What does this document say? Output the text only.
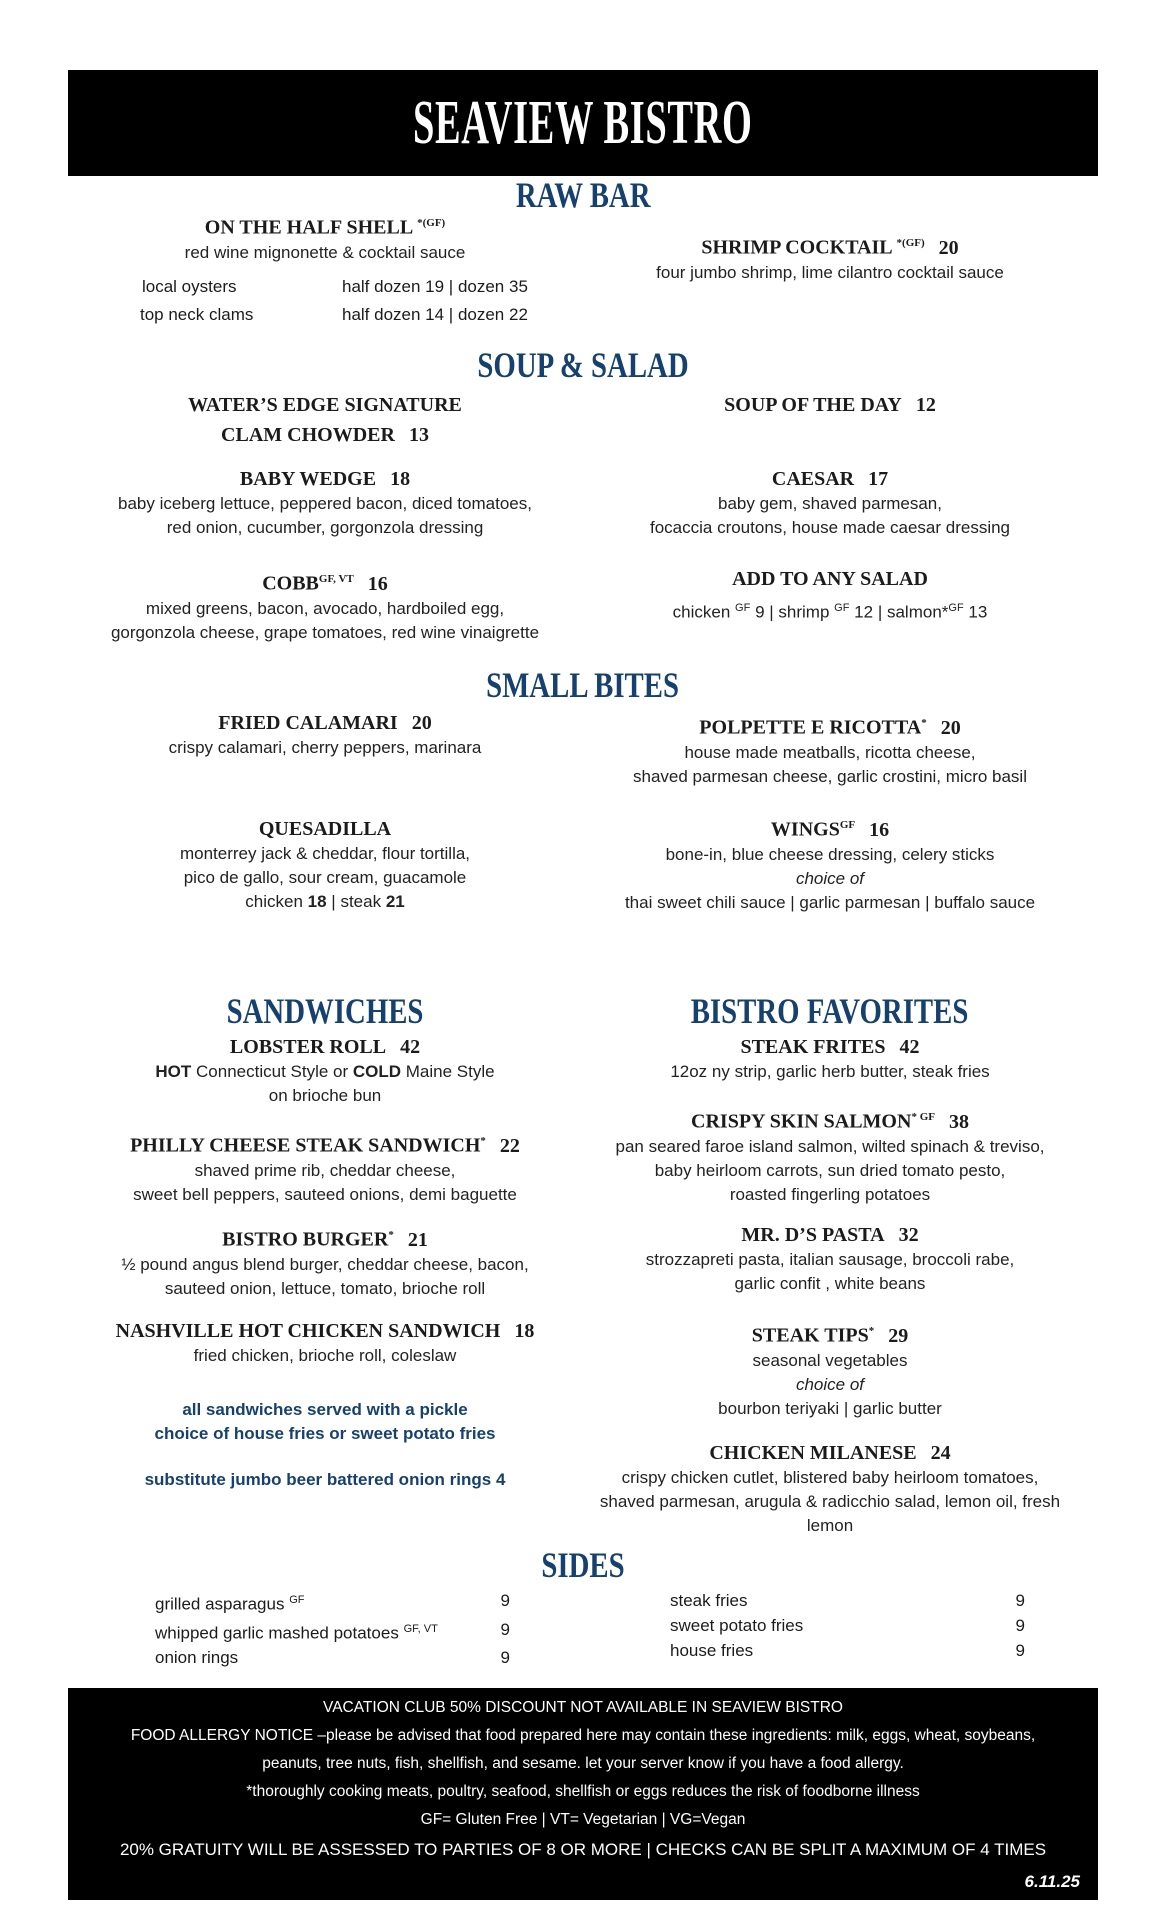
SEAVIEW BISTRO
RAW BAR
ON THE HALF SHELL $^{*(GF)}$
red wine mignonette & cocktail sauce
local oysters	half dozen 19 | dozen 35
top neck clams	half dozen 14 | dozen 22
SHRIMP COCKTAIL $^{*(GF)}$ 20
four jumbo shrimp, lime cilantro cocktail sauce
SOUP & SALAD
WATER’S EDGE SIGNATURE
CLAM CHOWDER 13
SOUP OF THE DAY 12
BABY WEDGE 18
baby iceberg lettuce, peppered bacon, diced tomatoes,
red onion, cucumber, gorgonzola dressing
CAESAR 17
baby gem, shaved parmesan,
focaccia croutons, house made caesar dressing
$COBB^{GF, VT}$ 16
mixed greens, bacon, avocado, hardboiled egg,
gorgonzola cheese, grape tomatoes, red wine vinaigrette
ADD TO ANY SALAD
chicken $^{GF}$ 9 | shrimp $^{GF}$ 12 | salmon*$^{GF}$ 13
SMALL BITES
FRIED CALAMARI 20
crispy calamari, cherry peppers, marinara
POLPETTE E RICOTTA* 20
house made meatballs, ricotta cheese,
shaved parmesan cheese, garlic crostini, micro basil
QUESADILLA
monterrey jack & cheddar, flour tortilla,
pico de gallo, sour cream, guacamole
chicken 18 | steak 21
$WINGS^{GF}$ 16
bone-in, blue cheese dressing, celery sticks
choice of
thai sweet chili sauce | garlic parmesan | buffalo sauce
SANDWICHES
LOBSTER ROLL 42
HOT Connecticut Style or COLD Maine Style
on brioche bun
PHILLY CHEESE STEAK SANDWICH* 22
shaved prime rib, cheddar cheese,
sweet bell peppers, sauteed onions, demi baguette
BISTRO BURGER* 21
½ pound angus blend burger, cheddar cheese, bacon,
sauteed onion, lettuce, tomato, brioche roll
NASHVILLE HOT CHICKEN SANDWICH 18
fried chicken, brioche roll, coleslaw
all sandwiches served with a pickle
choice of house fries or sweet potato fries
substitute jumbo beer battered onion rings 4
BISTRO FAVORITES
STEAK FRITES 42
12oz ny strip, garlic herb butter, steak fries
CRISPY SKIN $SALMON^{* GF}$ 38
pan seared faroe island salmon, wilted spinach & treviso,
baby heirloom carrots, sun dried tomato pesto,
roasted fingerling potatoes
MR. D’S PASTA 32
strozzapreti pasta, italian sausage, broccoli rabe,
garlic confit , white beans
STEAK TIPS* 29
seasonal vegetables
choice of
bourbon teriyaki | garlic butter
CHICKEN MILANESE 24
crispy chicken cutlet, blistered baby heirloom tomatoes,
shaved parmesan, arugula & radicchio salad, lemon oil, fresh lemon
SIDES
grilled asparagus $^{GF}$	9
whipped garlic mashed potatoes $^{GF, VT}$	9
onion rings	9
steak fries	9
sweet potato fries	9
house fries	9
VACATION CLUB 50% DISCOUNT NOT AVAILABLE IN SEAVIEW BISTRO
FOOD ALLERGY NOTICE –please be advised that food prepared here may contain these ingredients: milk, eggs, wheat, soybeans,
peanuts, tree nuts, fish, shellfish, and sesame. let your server know if you have a food allergy.
*thoroughly cooking meats, poultry, seafood, shellfish or eggs reduces the risk of foodborne illness
GF= Gluten Free | VT= Vegetarian | VG=Vegan
20% GRATUITY WILL BE ASSESSED TO PARTIES OF 8 OR MORE | CHECKS CAN BE SPLIT A MAXIMUM OF 4 TIMES
6.11.25
